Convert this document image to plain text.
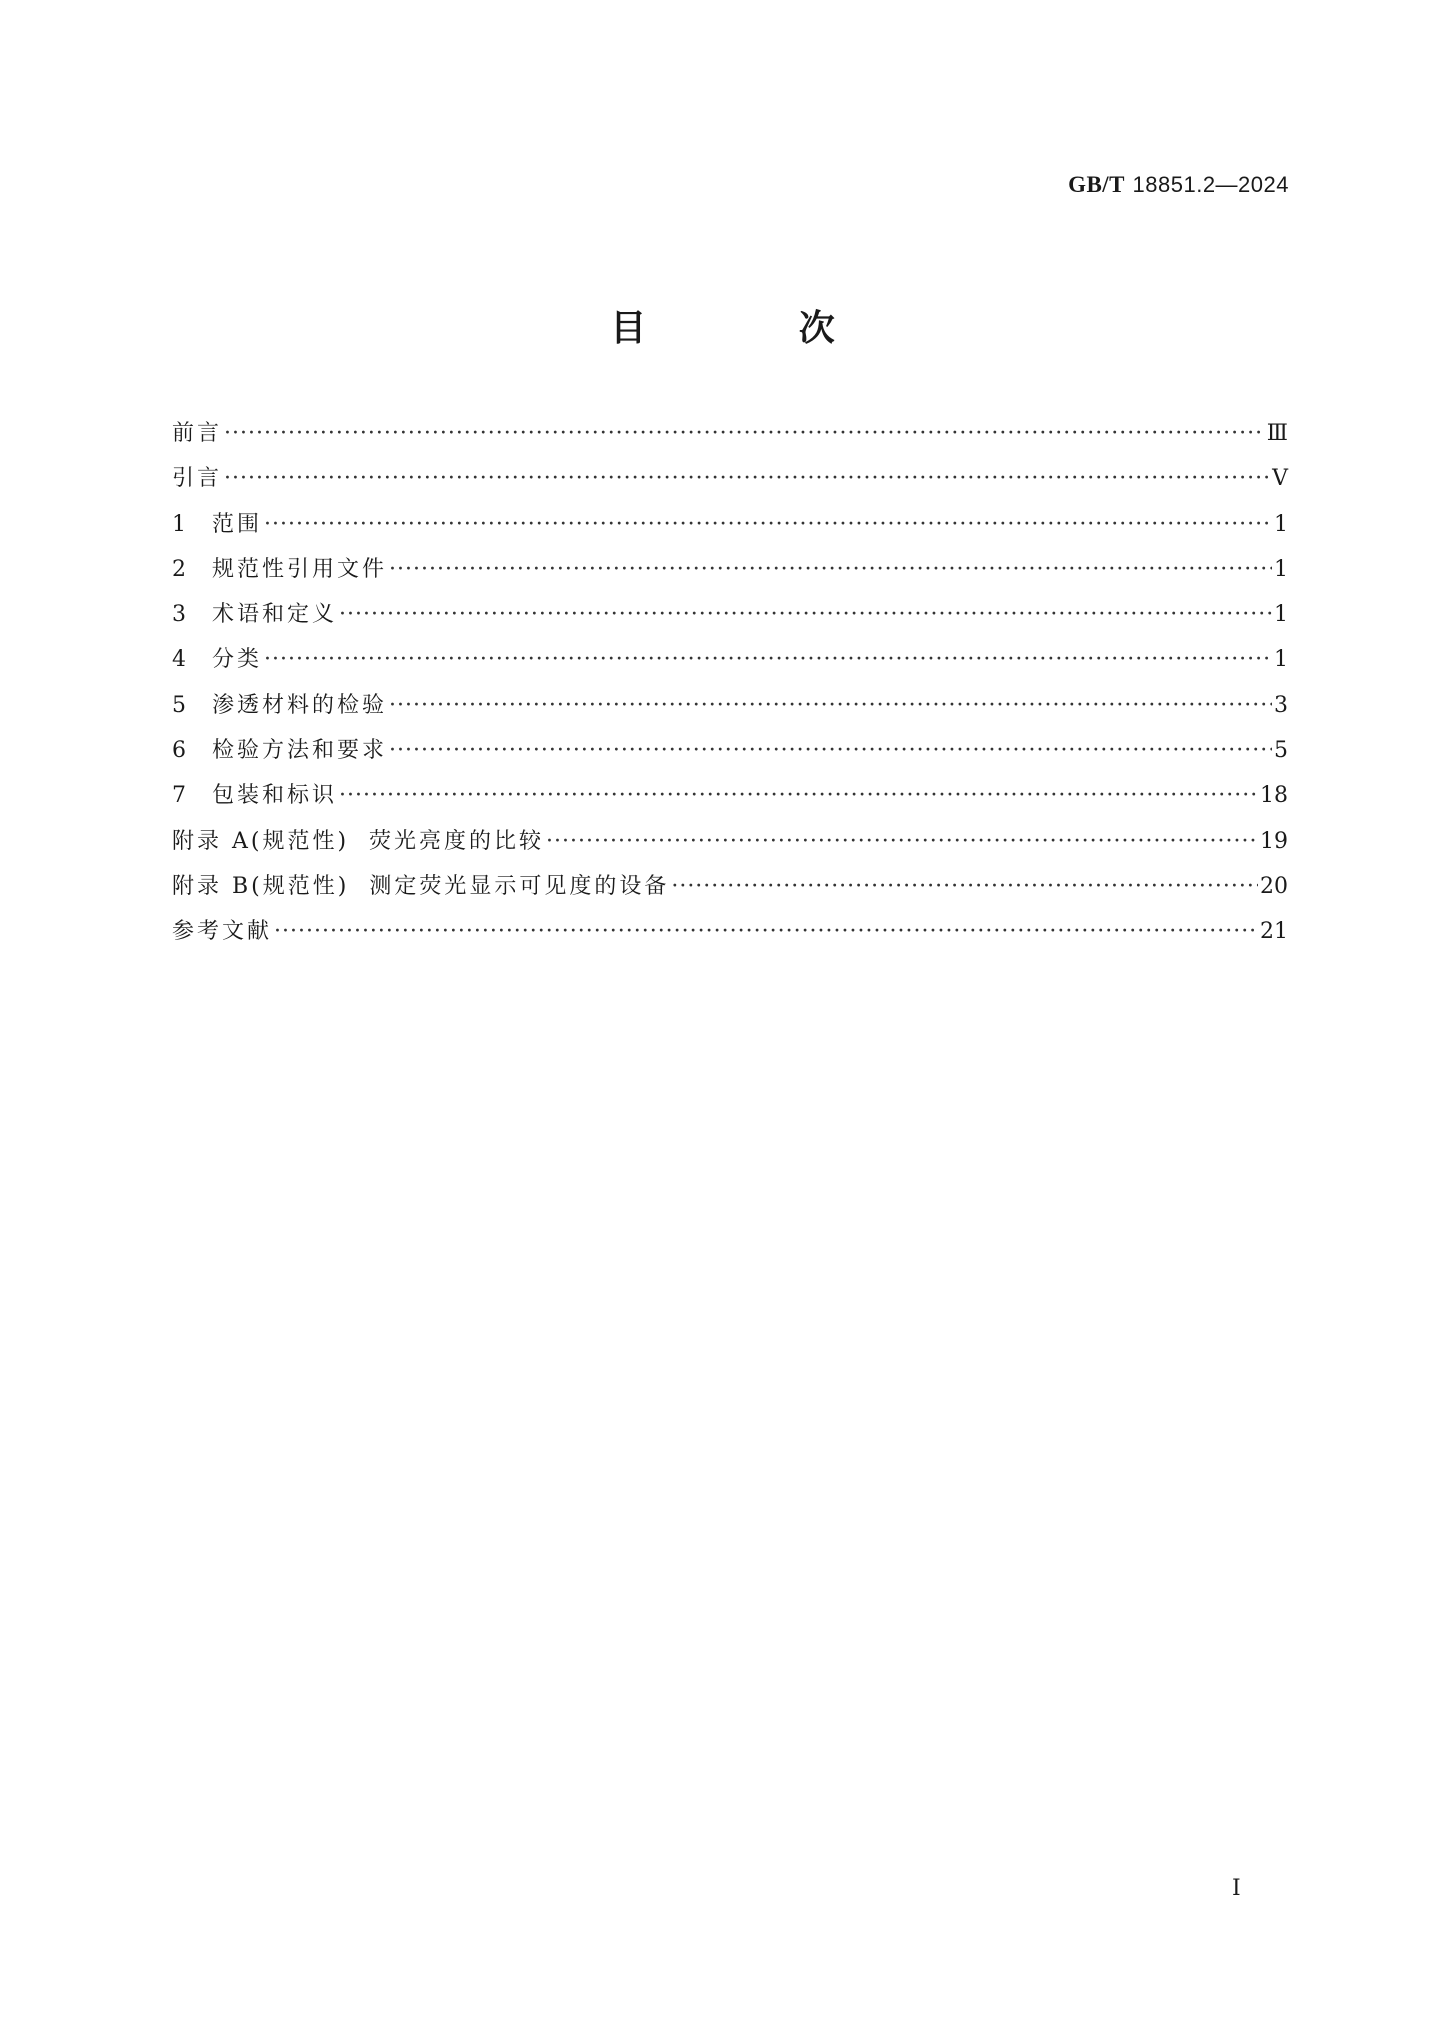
GB/T 18851.2—2024
目 次
前言 ·····	Ⅲ
引言 ·····	Ⅴ
1	范围 ·····	1
2	规范性引用文件 ·····	1
3	术语和定义 ·····	1
4	分类 ·····	1
5	渗透材料的检验 ·····	3
6	检验方法和要求 ·····	5
7	包装和标识 ·····	18
附录 A(规范性)  荧光亮度的比较 ·····	19
附录 B(规范性)  测定荧光显示可见度的设备 ·····	20
参考文献 ·····	21
I
